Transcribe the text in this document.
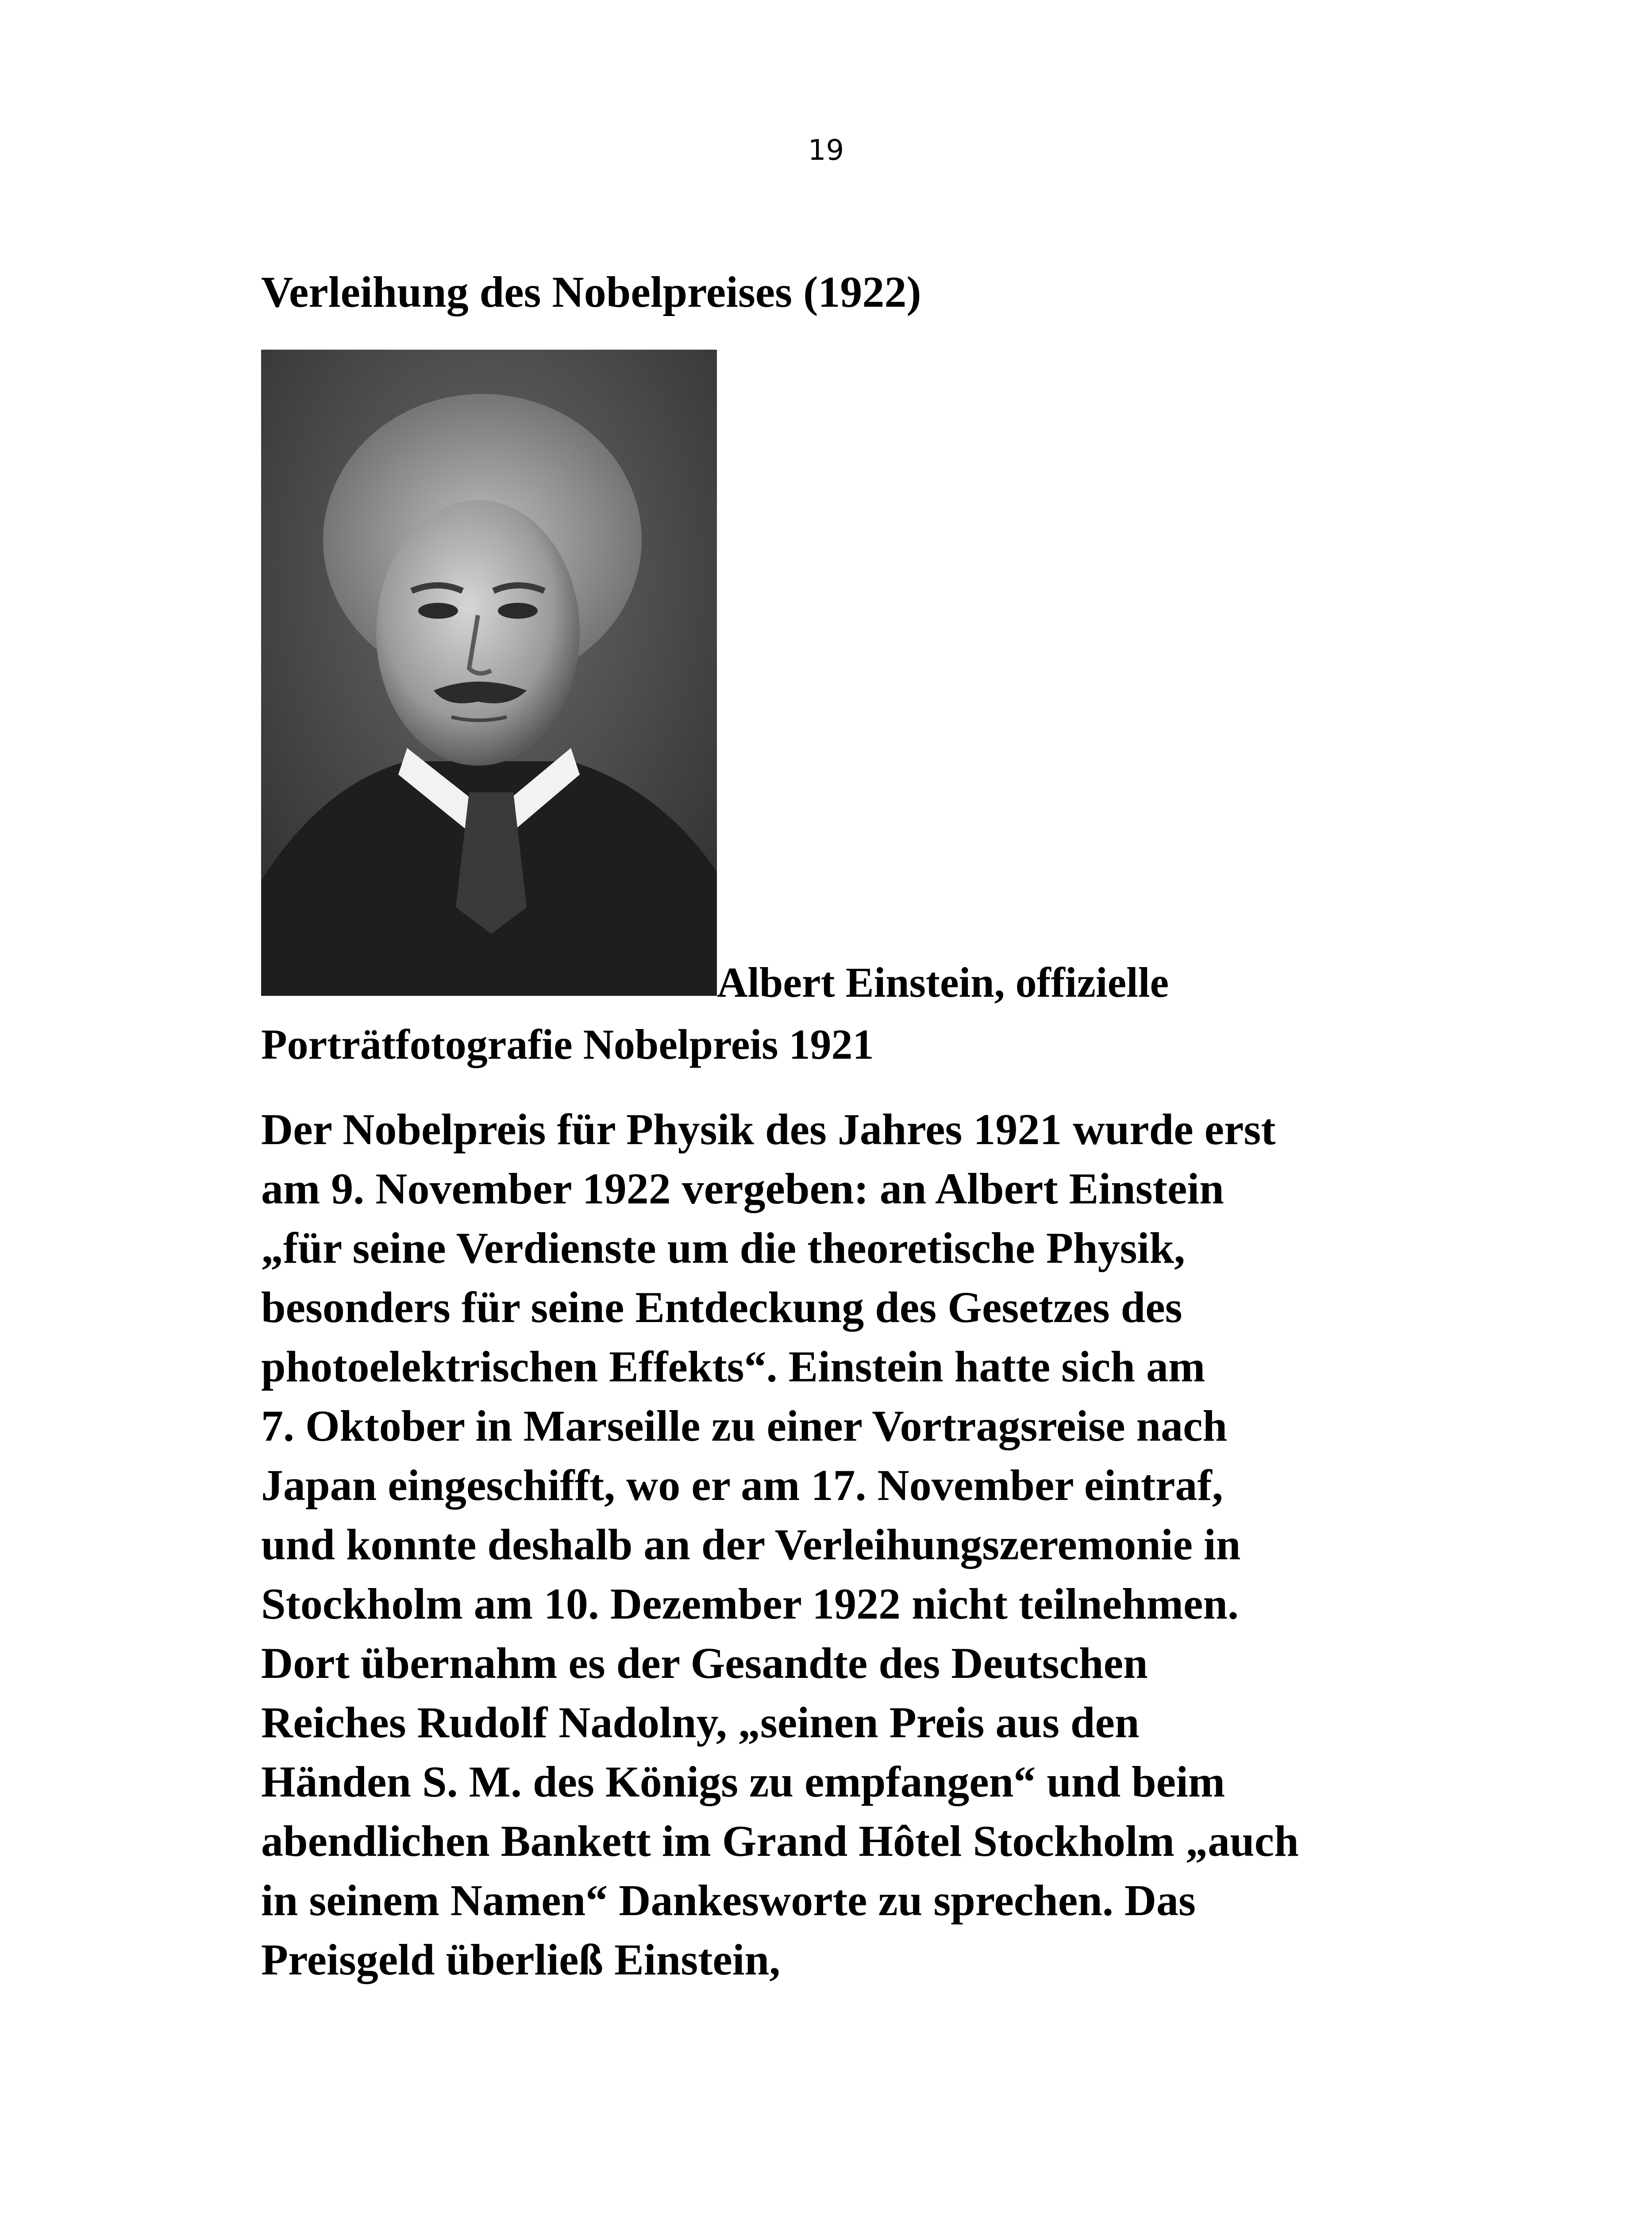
19
Verleihung des Nobelpreises (1922)
Albert Einstein, offizielle
Porträtfotografie Nobelpreis 1921
Der Nobelpreis für Physik des Jahres 1921 wurde erst
am 9. November 1922 vergeben: an Albert Einstein
„für seine Verdienste um die theoretische Physik,
besonders für seine Entdeckung des Gesetzes des
photoelektrischen Effekts“. Einstein hatte sich am
7. Oktober in Marseille zu einer Vortragsreise nach
Japan eingeschifft, wo er am 17. November eintraf,
und konnte deshalb an der Verleihungszeremonie in
Stockholm am 10. Dezember 1922 nicht teilnehmen.
Dort übernahm es der Gesandte des Deutschen
Reiches Rudolf Nadolny, „seinen Preis aus den
Händen S. M. des Königs zu empfangen“ und beim
abendlichen Bankett im Grand Hôtel Stockholm „auch
in seinem Namen“ Dankesworte zu sprechen. Das
Preisgeld überließ Einstein,
